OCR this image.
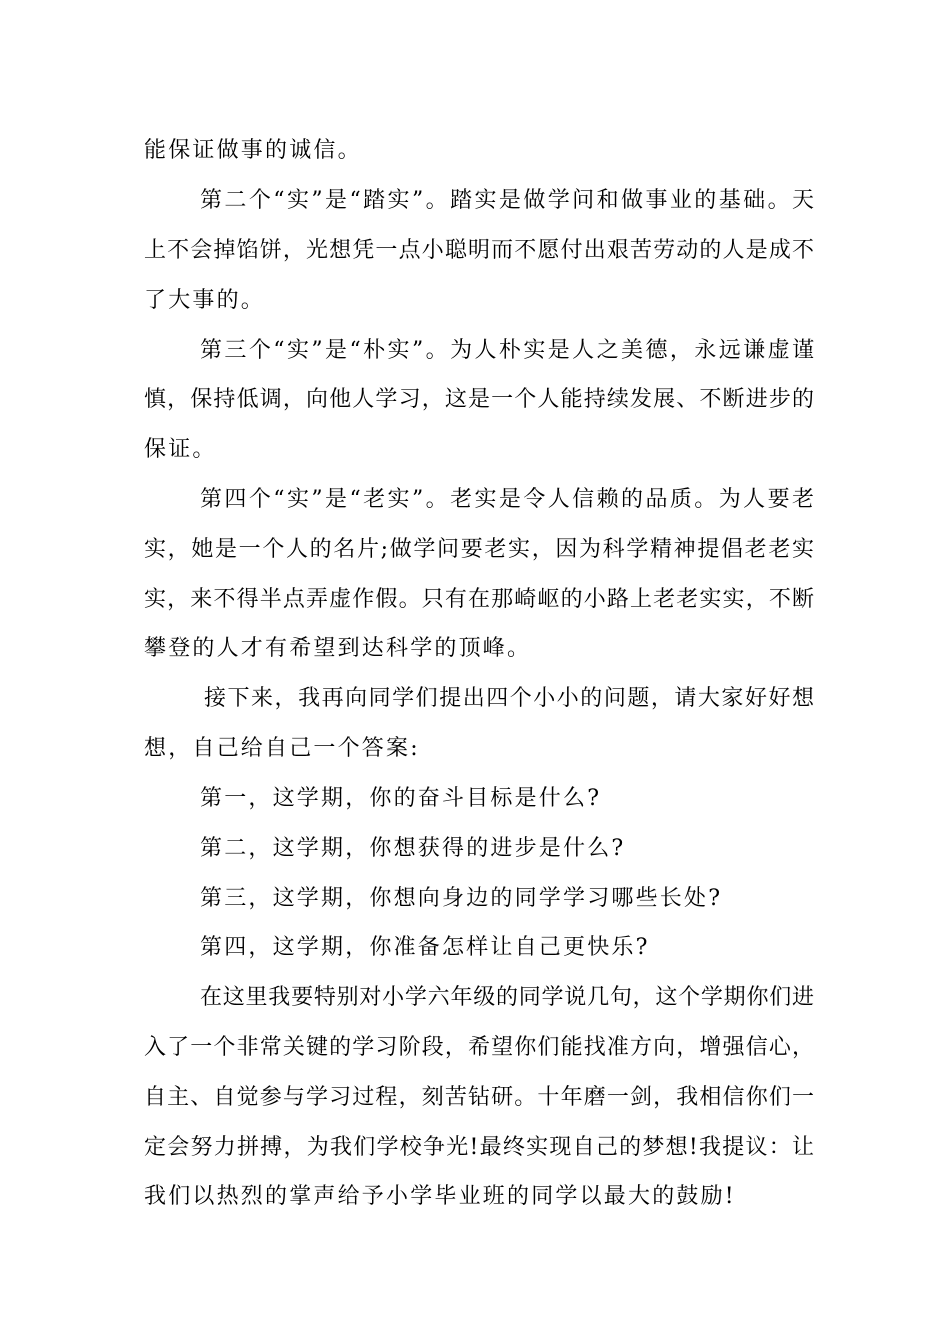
能保证做事的诚信。
第二个“实”是“踏实”。踏实是做学问和做事业的基础。天
上不会掉馅饼，光想凭一点小聪明而不愿付出艰苦劳动的人是成不
了大事的。
第三个“实”是“朴实”。为人朴实是人之美德，永远谦虚谨
慎，保持低调，向他人学习，这是一个人能持续发展、不断进步的
保证。
第四个“实”是“老实”。老实是令人信赖的品质。为人要老
实，她是一个人的名片;做学问要老实，因为科学精神提倡老老实
实，来不得半点弄虚作假。只有在那崎岖的小路上老老实实，不断
攀登的人才有希望到达科学的顶峰。
接下来，我再向同学们提出四个小小的问题，请大家好好想
想，自己给自己一个答案:
第一，这学期，你的奋斗目标是什么?
第二，这学期，你想获得的进步是什么?
第三，这学期，你想向身边的同学学习哪些长处?
第四，这学期，你准备怎样让自己更快乐?
在这里我要特别对小学六年级的同学说几句，这个学期你们进
入了一个非常关键的学习阶段，希望你们能找准方向，增强信心，
自主、自觉参与学习过程，刻苦钻研。十年磨一剑，我相信你们一
定会努力拼搏，为我们学校争光!最终实现自己的梦想!我提议：让
我们以热烈的掌声给予小学毕业班的同学以最大的鼓励!
